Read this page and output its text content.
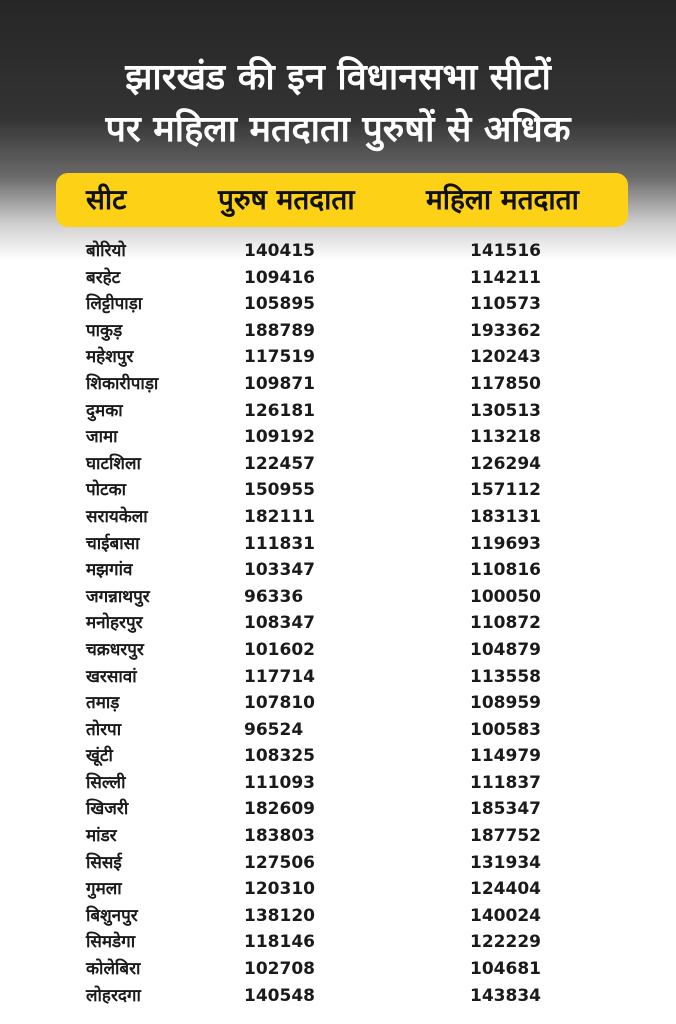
झारखंड की इन विधानसभा सीटों
पर महिला मतदाता पुरुषों से अधिक
सीट	पुरुष मतदाता	महिला मतदाता
बोरियो	140415	141516
बरहेट	109416	114211
लिट्टीपाड़ा	105895	110573
पाकुड़	188789	193362
महेशपुर	117519	120243
शिकारीपाड़ा	109871	117850
दुमका	126181	130513
जामा	109192	113218
घाटशिला	122457	126294
पोटका	150955	157112
सरायकेला	182111	183131
चाईबासा	111831	119693
मझगांव	103347	110816
जगन्नाथपुर	96336	100050
मनोहरपुर	108347	110872
चक्रधरपुर	101602	104879
खरसावां	117714	113558
तमाड़	107810	108959
तोरपा	96524	100583
खूंटी	108325	114979
सिल्ली	111093	111837
खिजरी	182609	185347
मांडर	183803	187752
सिसई	127506	131934
गुमला	120310	124404
बिशुनपुर	138120	140024
सिमडेगा	118146	122229
कोलेबिरा	102708	104681
लोहरदगा	140548	143834
